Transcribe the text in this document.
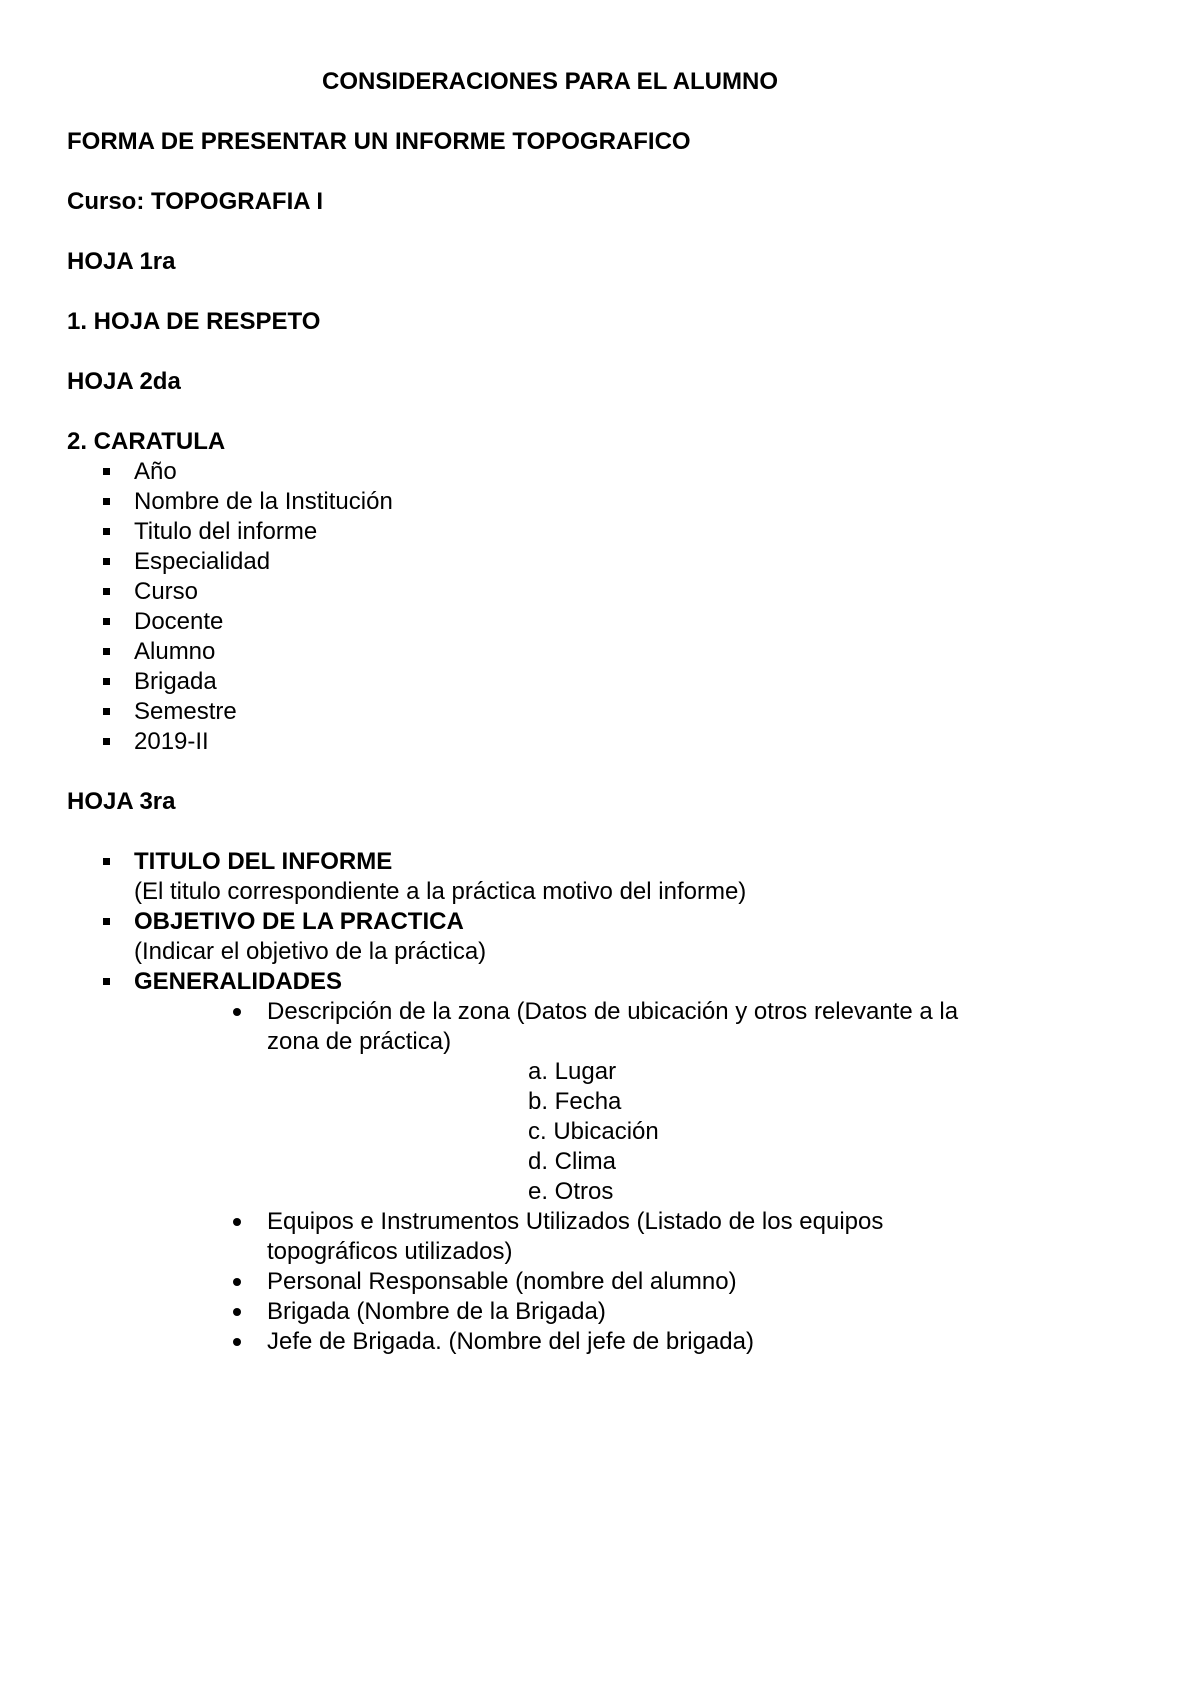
CONSIDERACIONES PARA EL ALUMNO
FORMA DE PRESENTAR UN INFORME TOPOGRAFICO
Curso: TOPOGRAFIA I
HOJA 1ra
1. HOJA DE RESPETO
HOJA 2da
2. CARATULA
Año
Nombre de la Institución
Titulo del informe
Especialidad
Curso
Docente
Alumno
Brigada
Semestre
2019-II
HOJA 3ra
TITULO DEL INFORME
(El titulo correspondiente a la práctica motivo del informe)
OBJETIVO DE LA PRACTICA
(Indicar el objetivo de la práctica)
GENERALIDADES
Descripción de la zona (Datos de ubicación y otros relevante a la
zona de práctica)
a. Lugar
b. Fecha
c. Ubicación
d. Clima
e. Otros
Equipos e Instrumentos Utilizados (Listado de los equipos
topográficos utilizados)
Personal Responsable (nombre del alumno)
Brigada (Nombre de la Brigada)
Jefe de Brigada. (Nombre del jefe de brigada)
